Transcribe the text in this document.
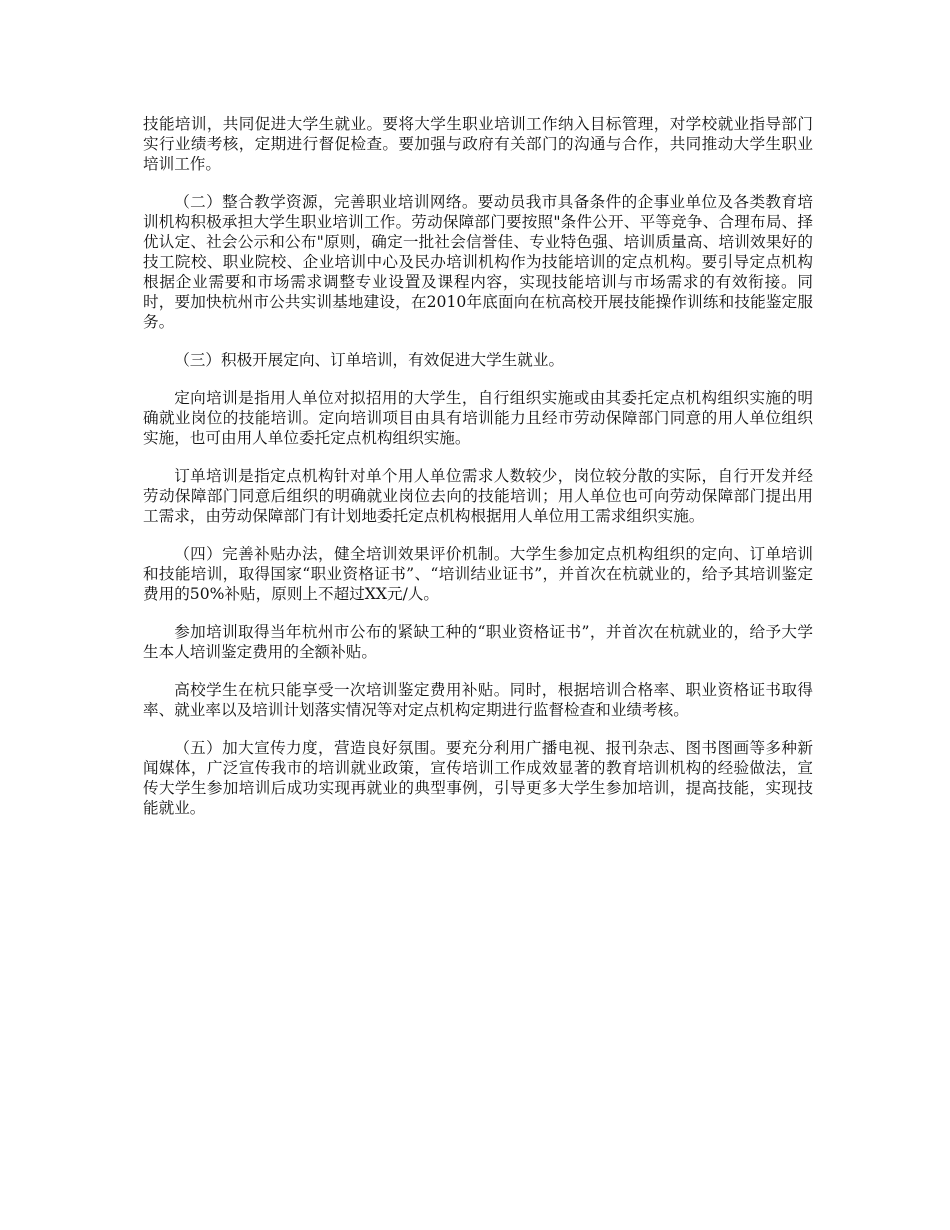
技能培训，共同促进大学生就业。要将大学生职业培训工作纳入目标管理，对学校就业指导部门实行业绩考核，定期进行督促检查。要加强与政府有关部门的沟通与合作，共同推动大学生职业培训工作。

（二）整合教学资源，完善职业培训网络。要动员我市具备条件的企事业单位及各类教育培训机构积极承担大学生职业培训工作。劳动保障部门要按照"条件公开、平等竞争、合理布局、择优认定、社会公示和公布"原则，确定一批社会信誉佳、专业特色强、培训质量高、培训效果好的技工院校、职业院校、企业培训中心及民办培训机构作为技能培训的定点机构。要引导定点机构根据企业需要和市场需求调整专业设置及课程内容，实现技能培训与市场需求的有效衔接。同时，要加快杭州市公共实训基地建设，在2010年底面向在杭高校开展技能操作训练和技能鉴定服务。

（三）积极开展定向、订单培训，有效促进大学生就业。

定向培训是指用人单位对拟招用的大学生，自行组织实施或由其委托定点机构组织实施的明确就业岗位的技能培训。定向培训项目由具有培训能力且经市劳动保障部门同意的用人单位组织实施，也可由用人单位委托定点机构组织实施。

订单培训是指定点机构针对单个用人单位需求人数较少，岗位较分散的实际，自行开发并经劳动保障部门同意后组织的明确就业岗位去向的技能培训；用人单位也可向劳动保障部门提出用工需求，由劳动保障部门有计划地委托定点机构根据用人单位用工需求组织实施。

（四）完善补贴办法，健全培训效果评价机制。大学生参加定点机构组织的定向、订单培训和技能培训，取得国家“职业资格证书”、“培训结业证书”，并首次在杭就业的，给予其培训鉴定费用的50%补贴，原则上不超过XX元/人。

参加培训取得当年杭州市公布的紧缺工种的“职业资格证书”，并首次在杭就业的，给予大学生本人培训鉴定费用的全额补贴。

高校学生在杭只能享受一次培训鉴定费用补贴。同时，根据培训合格率、职业资格证书取得率、就业率以及培训计划落实情况等对定点机构定期进行监督检查和业绩考核。

（五）加大宣传力度，营造良好氛围。要充分利用广播电视、报刊杂志、图书图画等多种新闻媒体，广泛宣传我市的培训就业政策，宣传培训工作成效显著的教育培训机构的经验做法，宣传大学生参加培训后成功实现再就业的典型事例，引导更多大学生参加培训，提高技能，实现技能就业。
